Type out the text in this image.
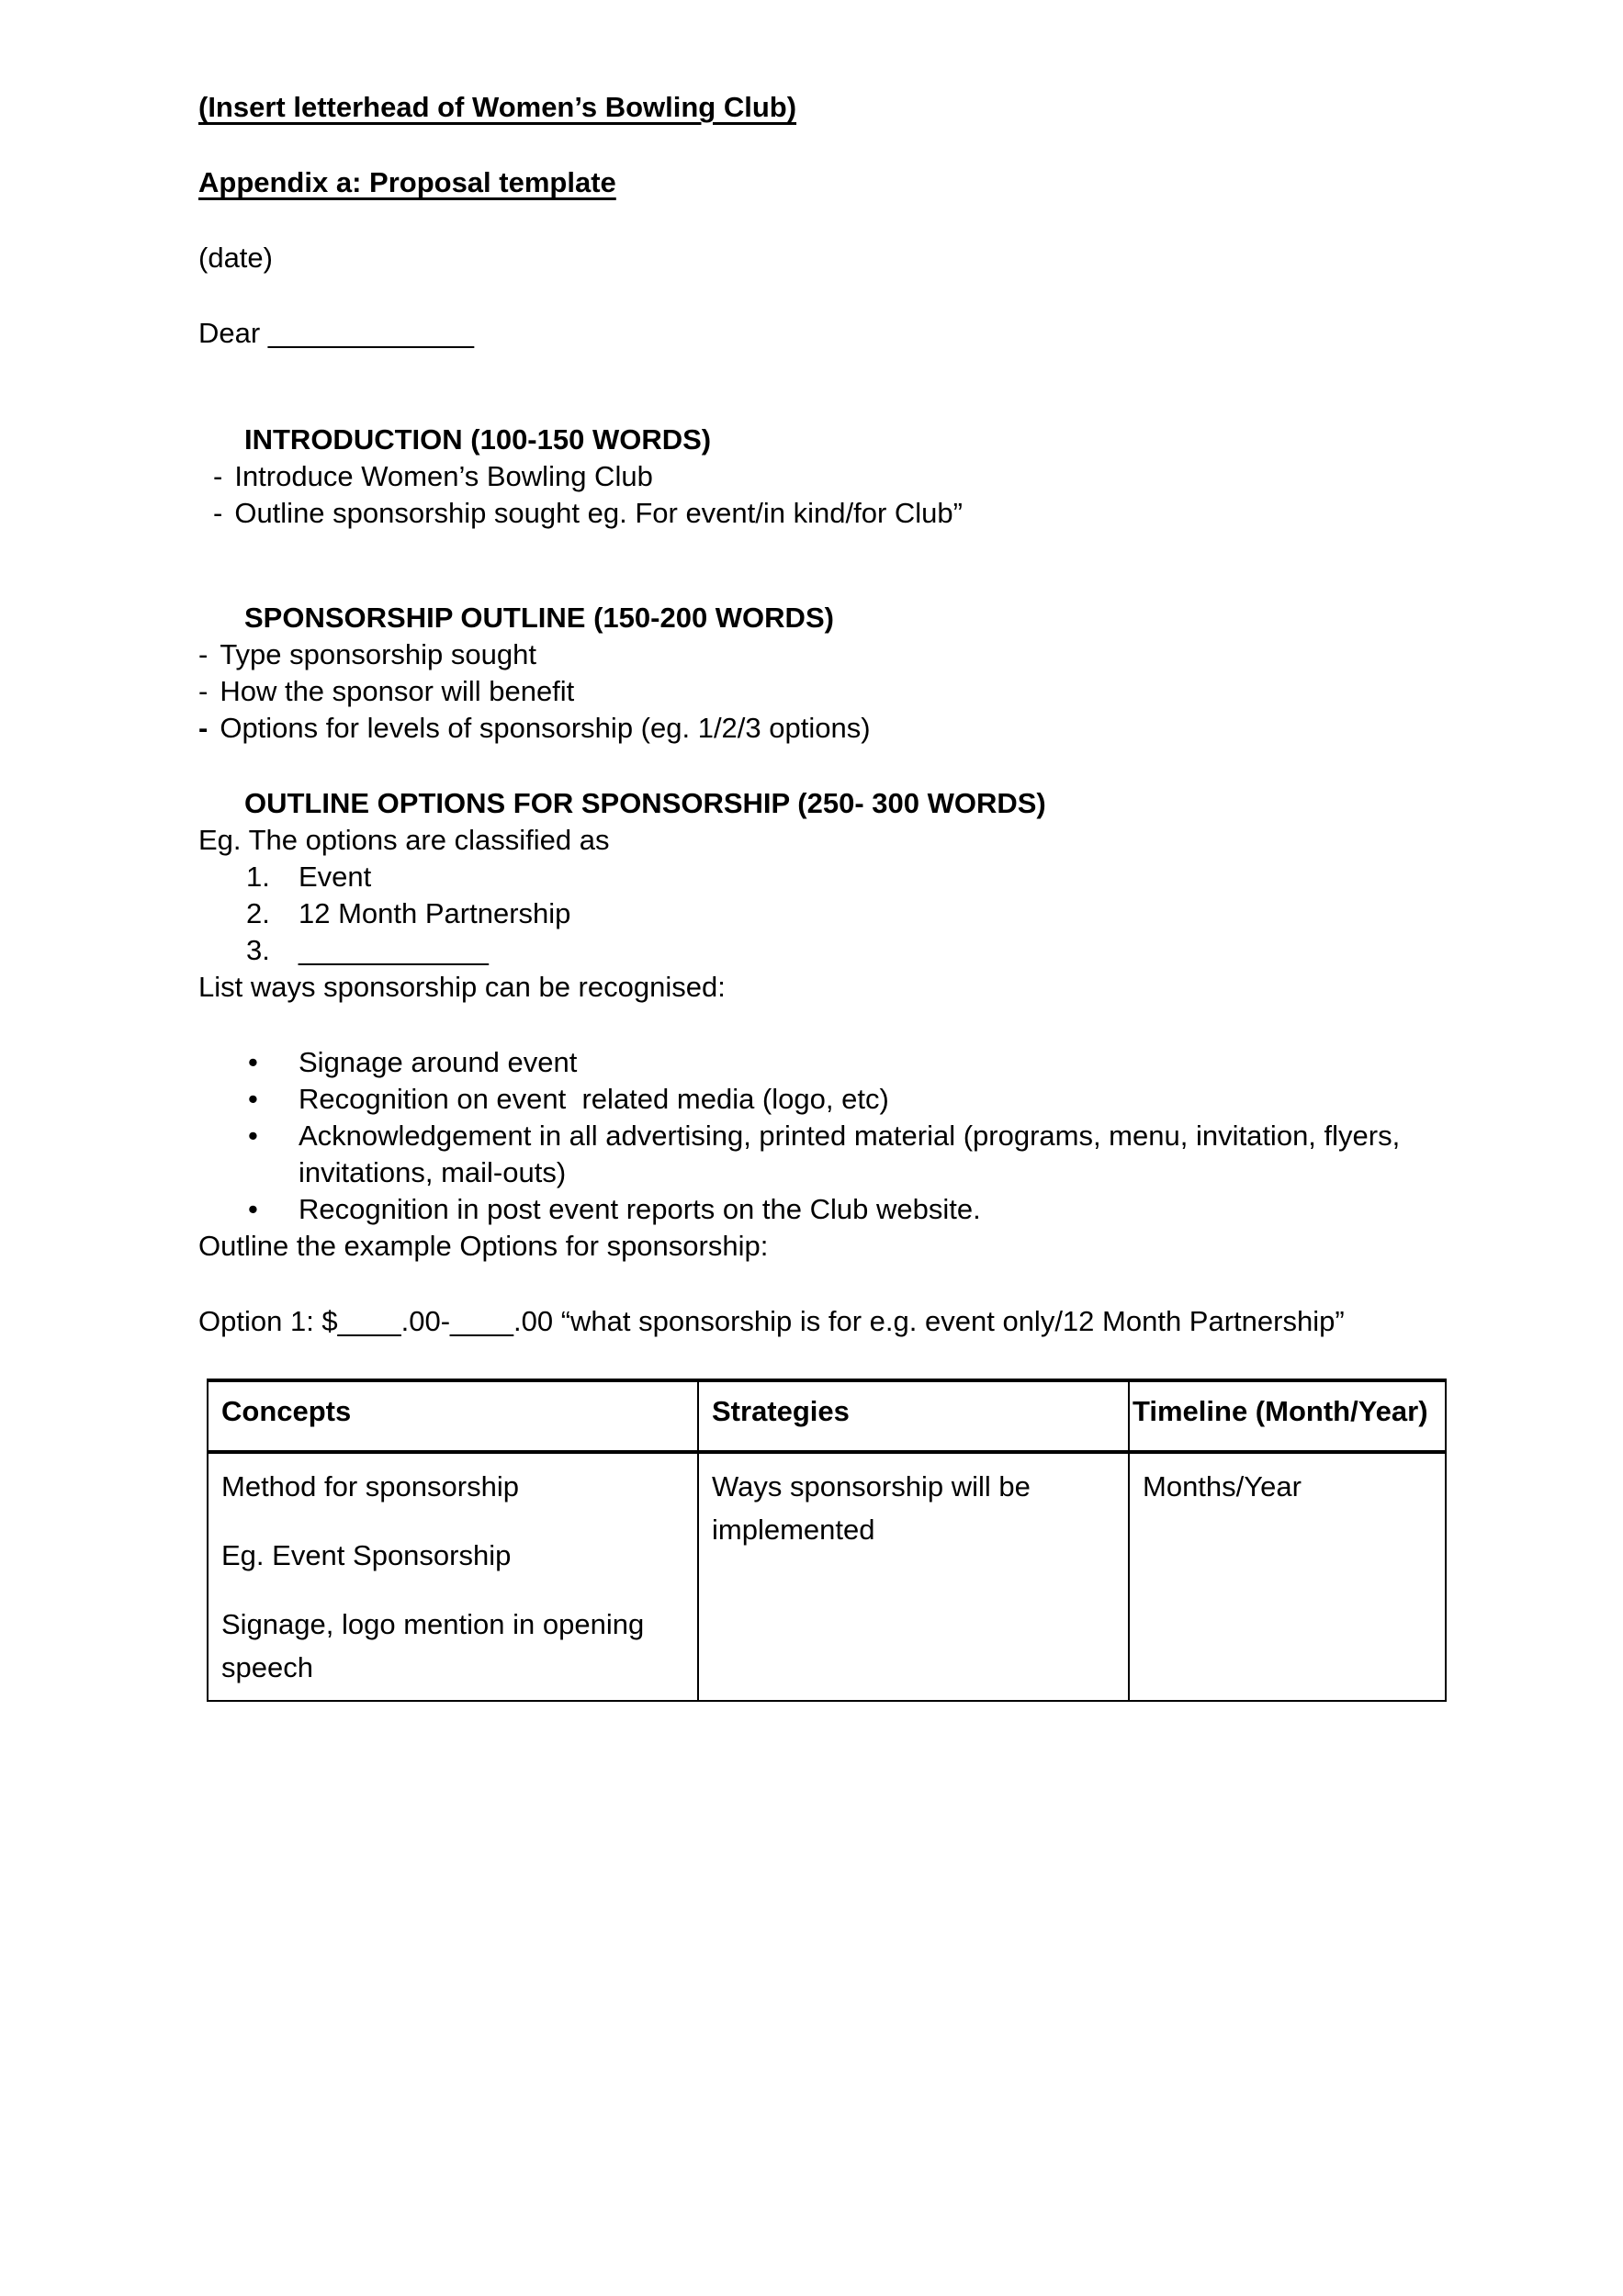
(Insert letterhead of Women’s Bowling Club)

Appendix a: Proposal template

(date)

Dear _____________

INTRODUCTION (100-150 WORDS)
- Introduce Women’s Bowling Club
- Outline sponsorship sought eg. For event/in kind/for Club”
SPONSORSHIP OUTLINE (150-200 WORDS)
- Type sponsorship sought
- How the sponsor will benefit
- Options for levels of sponsorship (eg. 1/2/3 options)
OUTLINE OPTIONS FOR SPONSORSHIP (250- 300 WORDS)
Eg. The options are classified as
1.	Event
2.	12 Month Partnership
3.	____________

List ways sponsorship can be recognised:

•	Signage around event
•	Recognition on event  related media (logo, etc)
•	Acknowledgement in all advertising, printed material (programs, menu, invitation, flyers, invitations, mail-outs)
•	Recognition in post event reports on the Club website.

Outline the example Options for sponsorship:

Option 1: $____.00-____.00 “what sponsorship is for e.g. event only/12 Month Partnership”

Concepts	Strategies	Timeline (Month/Year)

Method for sponsorship

Eg. Event Sponsorship

Signage, logo mention in opening speech	Ways sponsorship will be implemented	Months/Year
